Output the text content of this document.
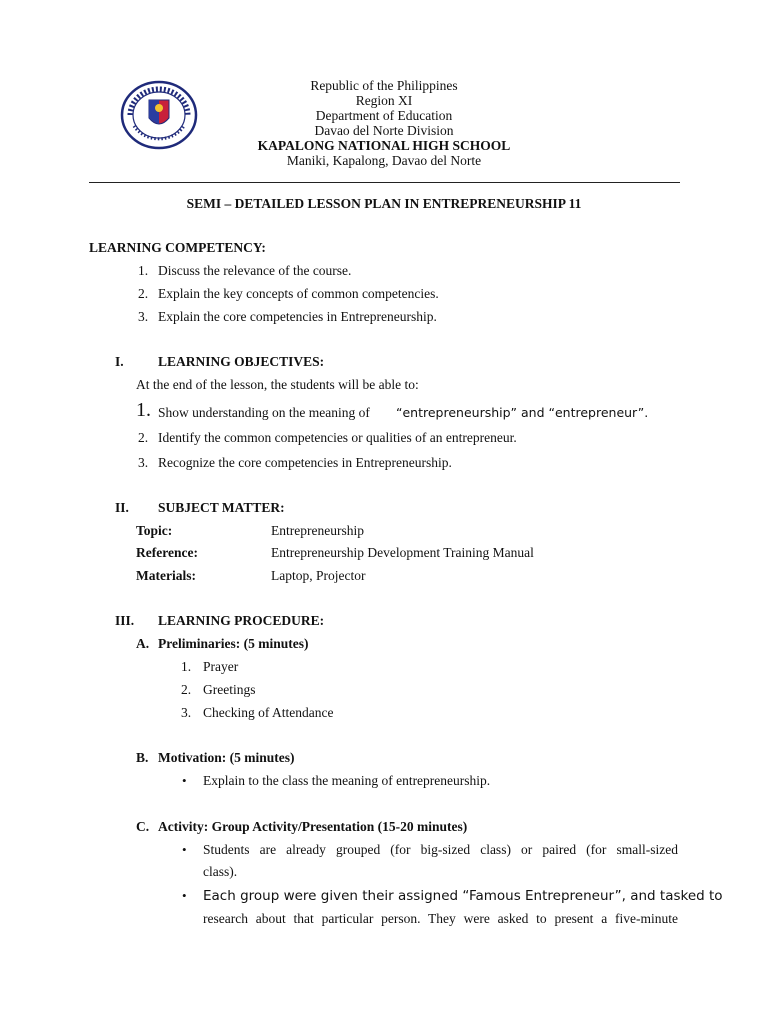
Republic of the Philippines
Region XI
Department of Education
Davao del Norte Division
KAPALONG NATIONAL HIGH SCHOOL
Maniki, Kapalong, Davao del Norte
SEMI – DETAILED LESSON PLAN IN ENTREPRENEURSHIP 11
LEARNING COMPETENCY:
1. Discuss the relevance of the course.
2. Explain the key concepts of common competencies.
3. Explain the core competencies in Entrepreneurship.
I.	LEARNING OBJECTIVES:
At the end of the lesson, the students will be able to:
1. Show understanding on the meaning of “entrepreneurship” and “entrepreneur”.
2. Identify the common competencies or qualities of an entrepreneur.
3. Recognize the core competencies in Entrepreneurship.
II. SUBJECT MATTER:
Topic:	Entrepreneurship
Reference:	Entrepreneurship Development Training Manual
Materials:	Laptop, Projector
III. LEARNING PROCEDURE:
A. Preliminaries: (5 minutes)
1. Prayer
2. Greetings
3. Checking of Attendance
B. Motivation: (5 minutes)
• Explain to the class the meaning of entrepreneurship.
C. Activity: Group Activity/Presentation (15-20 minutes)
• Students are already grouped (for big-sized class) or paired (for small-sized
class).
• Each group were given their assigned “Famous Entrepreneur”, and tasked to
research about that particular person. They were asked to present a five-minute
